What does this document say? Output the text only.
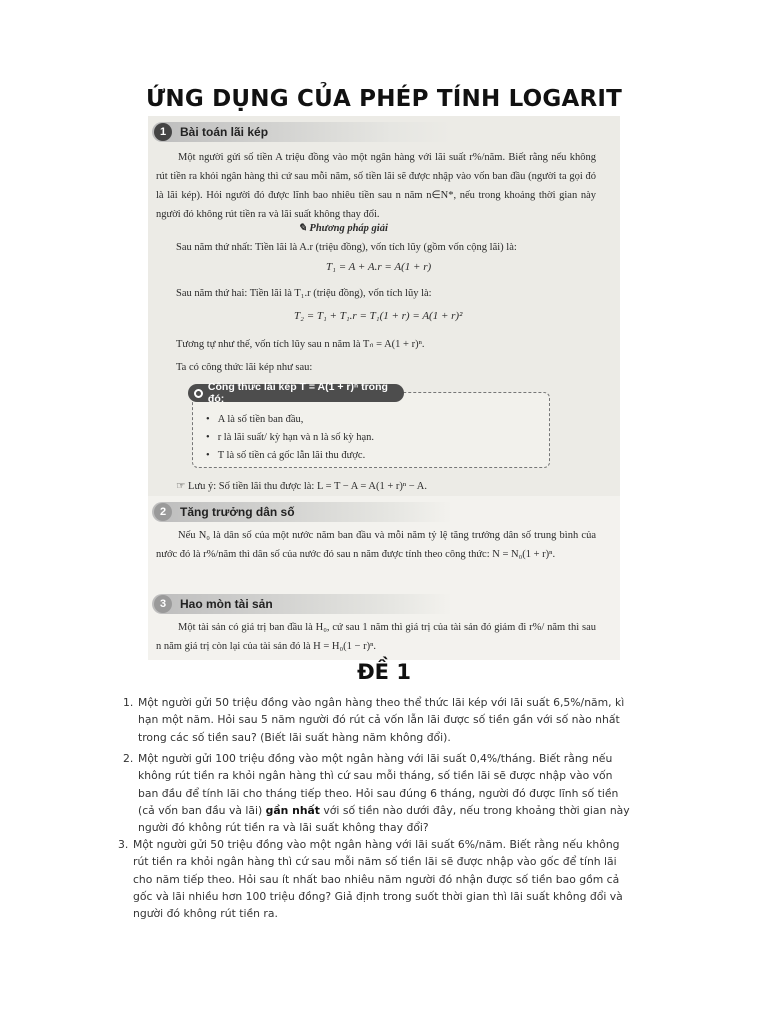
ỨNG DỤNG CỦA PHÉP TÍNH LOGARIT
1	Bài toán lãi kép
Một người gửi số tiền A triệu đồng vào một ngân hàng với lãi suất r%/năm. Biết rằng nếu không rút tiền ra khỏi ngân hàng thì cứ sau mỗi năm, số tiền lãi sẽ được nhập vào vốn ban đầu (người ta gọi đó là lãi kép). Hỏi người đó được lĩnh bao nhiêu tiền sau n năm n∈N*, nếu trong khoảng thời gian này người đó không rút tiền ra và lãi suất không thay đổi.
✎ Phương pháp giải
Sau năm thứ nhất: Tiền lãi là A.r (triệu đồng), vốn tích lũy (gồm vốn cộng lãi) là:
T₁ = A + A.r = A(1 + r)
Sau năm thứ hai: Tiền lãi là T₁.r (triệu đồng), vốn tích lũy là:
T₂ = T₁ + T₁.r = T₁(1 + r) = A(1 + r)²
Tương tự như thế, vốn tích lũy sau n năm là Tₙ = A(1 + r)ⁿ.
Ta có công thức lãi kép như sau:
Công thức lãi kép T = A(1 + r)ⁿ trong đó:
• A là số tiền ban đầu,
• r là lãi suất/ kỳ hạn và n là số kỳ hạn.
• T là số tiền cả gốc lẫn lãi thu được.
☞ Lưu ý: Số tiền lãi thu được là: L = T − A = A(1 + r)ⁿ − A.
2	Tăng trưởng dân số
Nếu N₀ là dân số của một nước năm ban đầu và mỗi năm tỷ lệ tăng trưởng dân số trung bình của nước đó là r%/năm thì dân số của nước đó sau n năm được tính theo công thức: N = N₀(1 + r)ⁿ.
3	Hao mòn tài sản
Một tài sản có giá trị ban đầu là H₀, cứ sau 1 năm thì giá trị của tài sản đó giảm đi r%/ năm thì sau n năm giá trị còn lại của tài sản đó là H = H₀(1 − r)ⁿ.
ĐỀ 1
1. Một người gửi 50 triệu đồng vào ngân hàng theo thể thức lãi kép với lãi suất 6,5%/năm, kì hạn một năm. Hỏi sau 5 năm người đó rút cả vốn lẫn lãi được số tiền gần với số nào nhất trong các số tiền sau? (Biết lãi suất hàng năm không đổi).
2. Một người gửi 100 triệu đồng vào một ngân hàng với lãi suất 0,4%/tháng. Biết rằng nếu không rút tiền ra khỏi ngân hàng thì cứ sau mỗi tháng, số tiền lãi sẽ được nhập vào vốn ban đầu để tính lãi cho tháng tiếp theo. Hỏi sau đúng 6 tháng, người đó được lĩnh số tiền (cả vốn ban đầu và lãi) gần nhất với số tiền nào dưới đây, nếu trong khoảng thời gian này người đó không rút tiền ra và lãi suất không thay đổi?
3. Một người gửi 50 triệu đồng vào một ngân hàng với lãi suất 6%/năm. Biết rằng nếu không rút tiền ra khỏi ngân hàng thì cứ sau mỗi năm số tiền lãi sẽ được nhập vào gốc để tính lãi cho năm tiếp theo. Hỏi sau ít nhất bao nhiêu năm người đó nhận được số tiền bao gồm cả gốc và lãi nhiều hơn 100 triệu đồng? Giả định trong suốt thời gian thì lãi suất không đổi và người đó không rút tiền ra.
